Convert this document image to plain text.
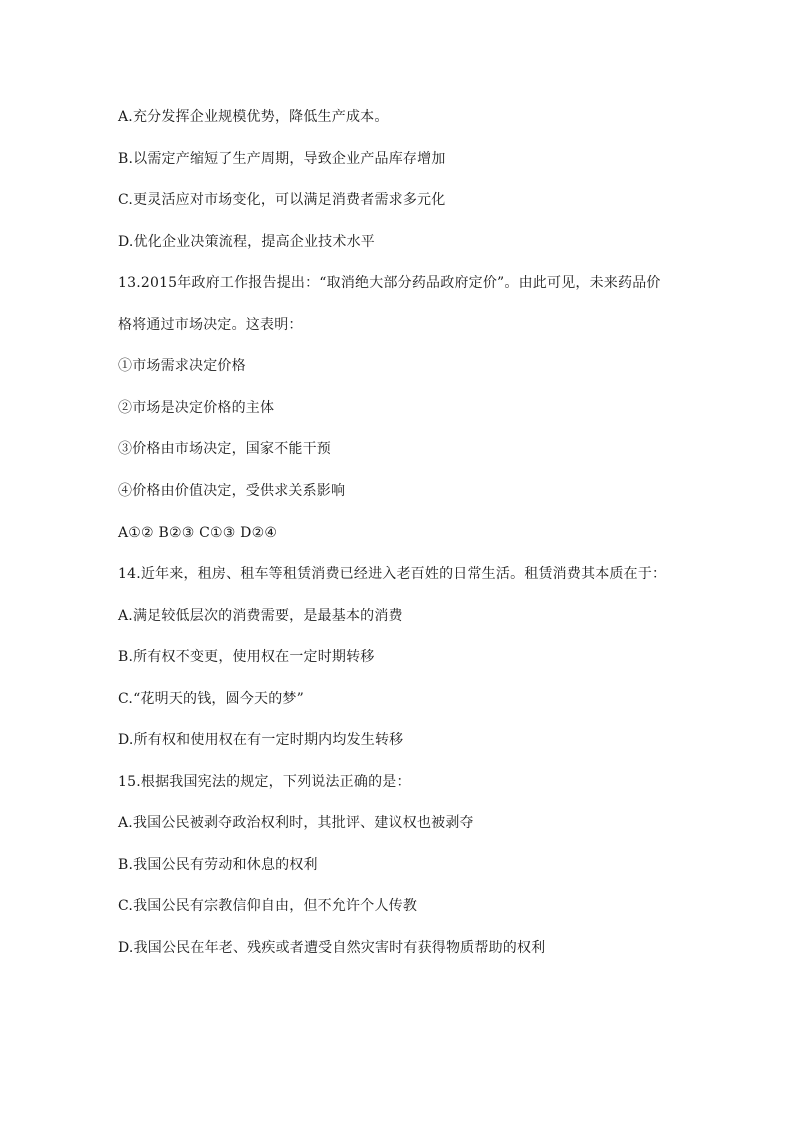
A.充分发挥企业规模优势，降低生产成本。
B.以需定产缩短了生产周期，导致企业产品库存增加
C.更灵活应对市场变化，可以满足消费者需求多元化
D.优化企业决策流程，提高企业技术水平
13.2015年政府工作报告提出：“取消绝大部分药品政府定价”。由此可见，未来药品价
格将通过市场决定。这表明：
①市场需求决定价格
②市场是决定价格的主体
③价格由市场决定，国家不能干预
④价格由价值决定，受供求关系影响
A①② B②③ C①③ D②④
14.近年来，租房、租车等租赁消费已经进入老百姓的日常生活。租赁消费其本质在于：
A.满足较低层次的消费需要，是最基本的消费
B.所有权不变更，使用权在一定时期转移
C.“花明天的钱，圆今天的梦”
D.所有权和使用权在有一定时期内均发生转移
15.根据我国宪法的规定，下列说法正确的是：
A.我国公民被剥夺政治权利时，其批评、建议权也被剥夺
B.我国公民有劳动和休息的权利
C.我国公民有宗教信仰自由，但不允许个人传教
D.我国公民在年老、残疾或者遭受自然灾害时有获得物质帮助的权利
